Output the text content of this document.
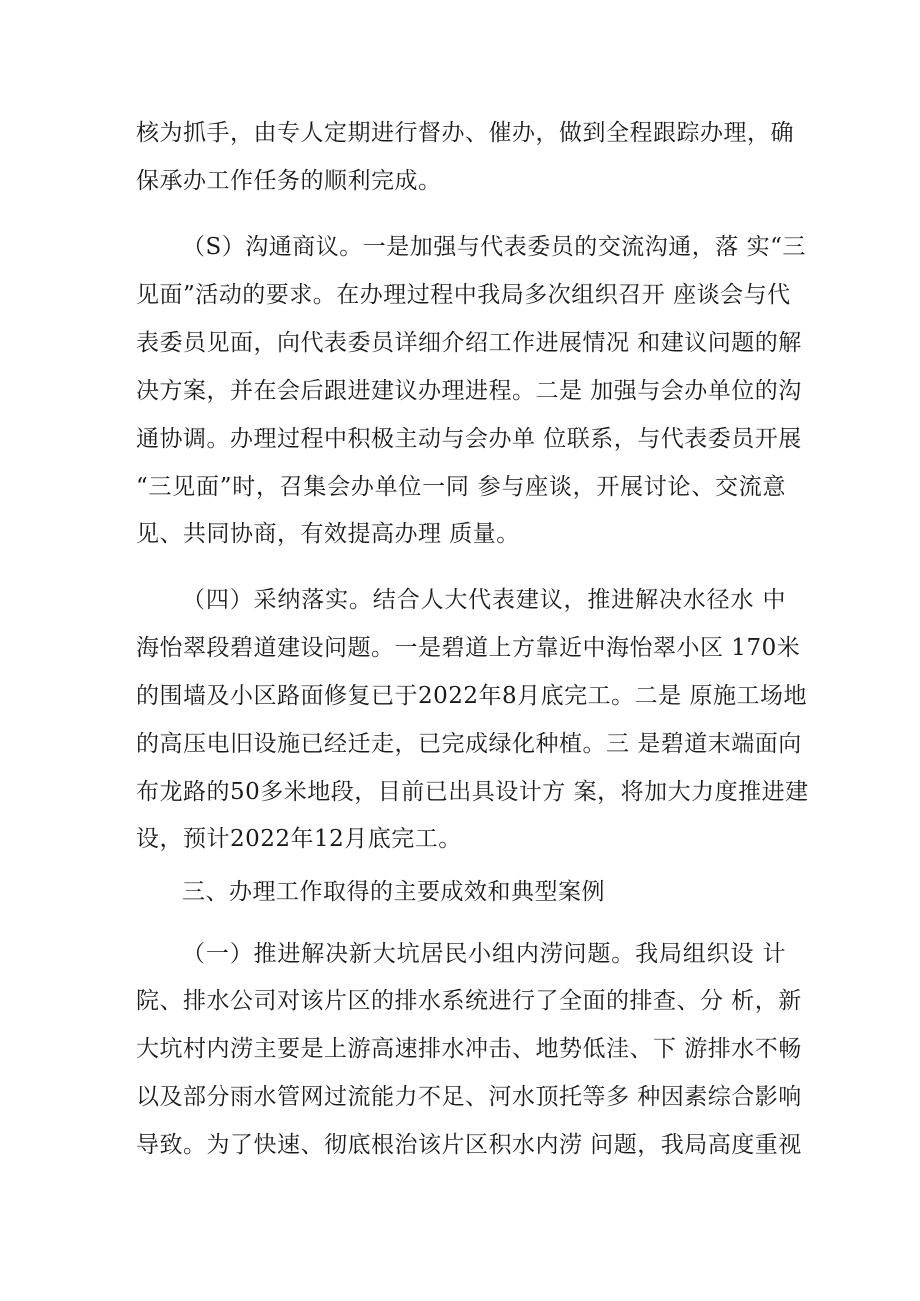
核为抓手，由专人定期进行督办、催办，做到全程跟踪办理，确
保承办工作任务的顺利完成。
（S）沟通商议。一是加强与代表委员的交流沟通，落 实“三
见面”活动的要求。在办理过程中我局多次组织召开 座谈会与代
表委员见面，向代表委员详细介绍工作进展情况 和建议问题的解
决方案，并在会后跟进建议办理进程。二是 加强与会办单位的沟
通协调。办理过程中积极主动与会办单 位联系，与代表委员开展
“三见面”时，召集会办单位一同 参与座谈，开展讨论、交流意
见、共同协商，有效提高办理 质量。
（四）采纳落实。结合人大代表建议，推进解决水径水 中
海怡翠段碧道建设问题。一是碧道上方靠近中海怡翠小区 170米
的围墙及小区路面修复已于2022年8月底完工。二是 原施工场地
的高压电旧设施已经迁走，已完成绿化种植。三 是碧道末端面向
布龙路的50多米地段，目前已出具设计方 案，将加大力度推进建
设，预计2022年12月底完工。
三、办理工作取得的主要成效和典型案例
（一）推进解决新大坑居民小组内涝问题。我局组织设 计
院、排水公司对该片区的排水系统进行了全面的排查、分 析，新
大坑村内涝主要是上游高速排水冲击、地势低洼、下 游排水不畅
以及部分雨水管网过流能力不足、河水顶托等多 种因素综合影响
导致。为了快速、彻底根治该片区积水内涝 问题，我局高度重视
